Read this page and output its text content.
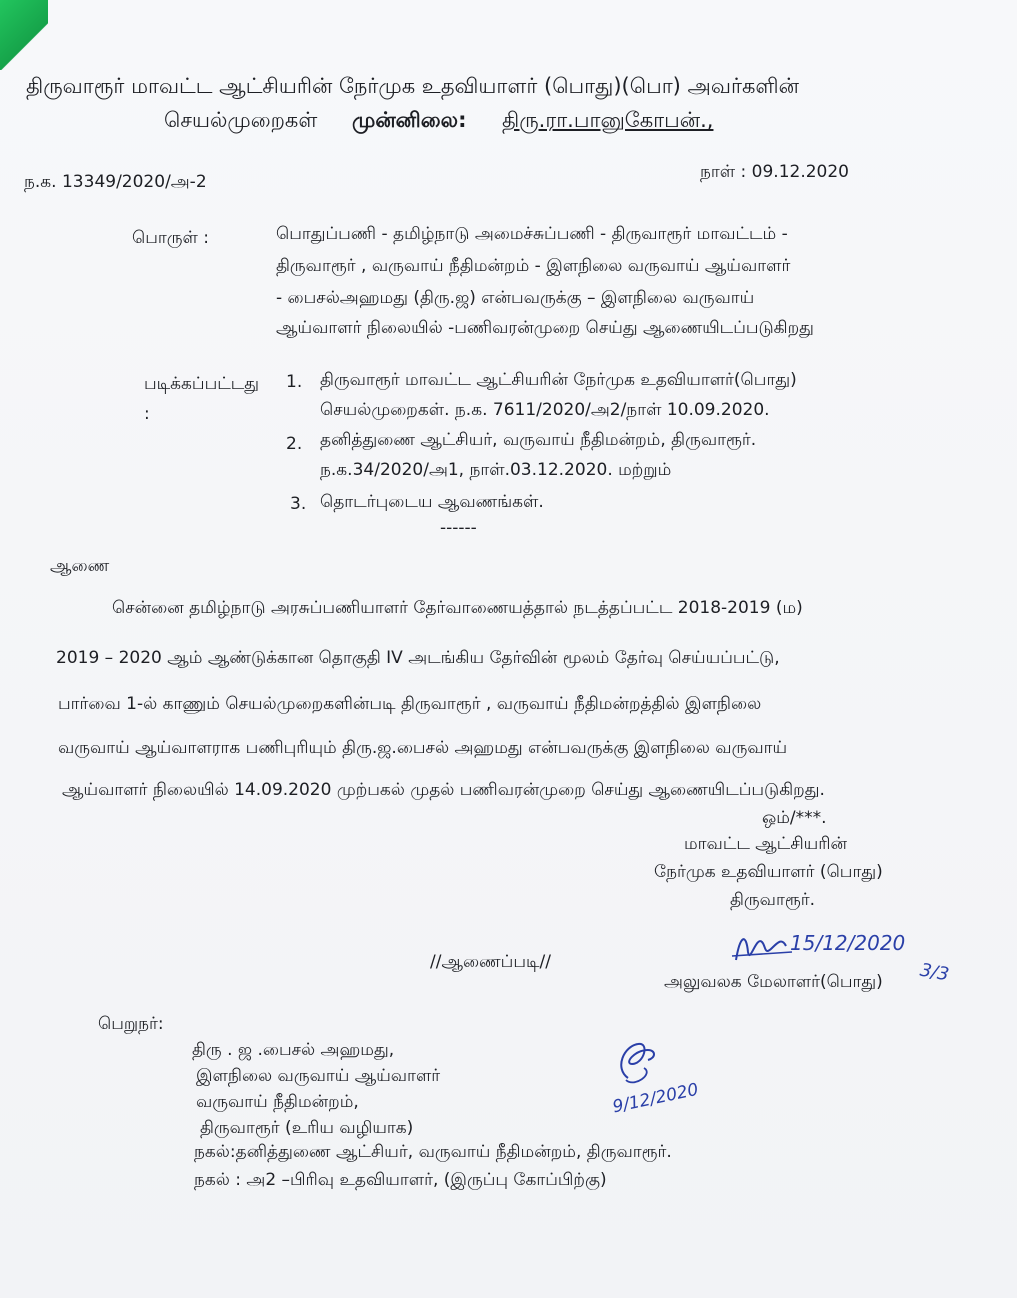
திருவாரூர் மாவட்ட ஆட்சியரின் நேர்முக உதவியாளர் (பொது)(பொ) அவர்களின்
செயல்முறைகள் முன்னிலை: திரு.ரா.பானுகோபன்.,
ந.க. 13349/2020/அ-2	நாள் : 09.12.2020
பொருள் :	பொதுப்பணி - தமிழ்நாடு அமைச்சுப்பணி - திருவாரூர் மாவட்டம் -
திருவாரூர் , வருவாய் நீதிமன்றம் - இளநிலை வருவாய் ஆய்வாளர்
- பைசல்அஹமது (திரு.ஜ) என்பவருக்கு – இளநிலை வருவாய்
ஆய்வாளர் நிலையில் -பணிவரன்முறை செய்து ஆணையிடப்படுகிறது
படிக்கப்பட்டது
:
1. திருவாரூர் மாவட்ட ஆட்சியரின் நேர்முக உதவியாளர்(பொது)
செயல்முறைகள். ந.க. 7611/2020/அ2/நாள் 10.09.2020.
2. தனித்துணை ஆட்சியர், வருவாய் நீதிமன்றம், திருவாரூர்.
ந.க.34/2020/அ1, நாள்.03.12.2020. மற்றும்
3. தொடர்புடைய ஆவணங்கள்.
------
ஆணை
சென்னை தமிழ்நாடு அரசுப்பணியாளர் தேர்வாணையத்தால் நடத்தப்பட்ட 2018-2019 (ம)
2019 – 2020 ஆம் ஆண்டுக்கான தொகுதி IV அடங்கிய தேர்வின் மூலம் தேர்வு செய்யப்பட்டு,
பார்வை 1-ல் காணும் செயல்முறைகளின்படி திருவாரூர் , வருவாய் நீதிமன்றத்தில் இளநிலை
வருவாய் ஆய்வாளராக பணிபுரியும் திரு.ஜ.பைசல் அஹமது என்பவருக்கு இளநிலை வருவாய்
ஆய்வாளர் நிலையில் 14.09.2020 முற்பகல் முதல் பணிவரன்முறை செய்து ஆணையிடப்படுகிறது.
ஒம்/***.
மாவட்ட ஆட்சியரின்
நேர்முக உதவியாளர் (பொது)
திருவாரூர்.
15/12/2020
3/3
//ஆணைப்படி//
அலுவலக மேலாளர்(பொது)
பெறுநர்:
திரு . ஜ .பைசல் அஹமது,
இளநிலை வருவாய் ஆய்வாளர்
வருவாய் நீதிமன்றம்,
திருவாரூர் (உரிய வழியாக)
நகல்:தனித்துணை ஆட்சியர், வருவாய் நீதிமன்றம், திருவாரூர்.
நகல் : அ2 –பிரிவு உதவியாளர், (இருப்பு கோப்பிற்கு)
9/12/2020
